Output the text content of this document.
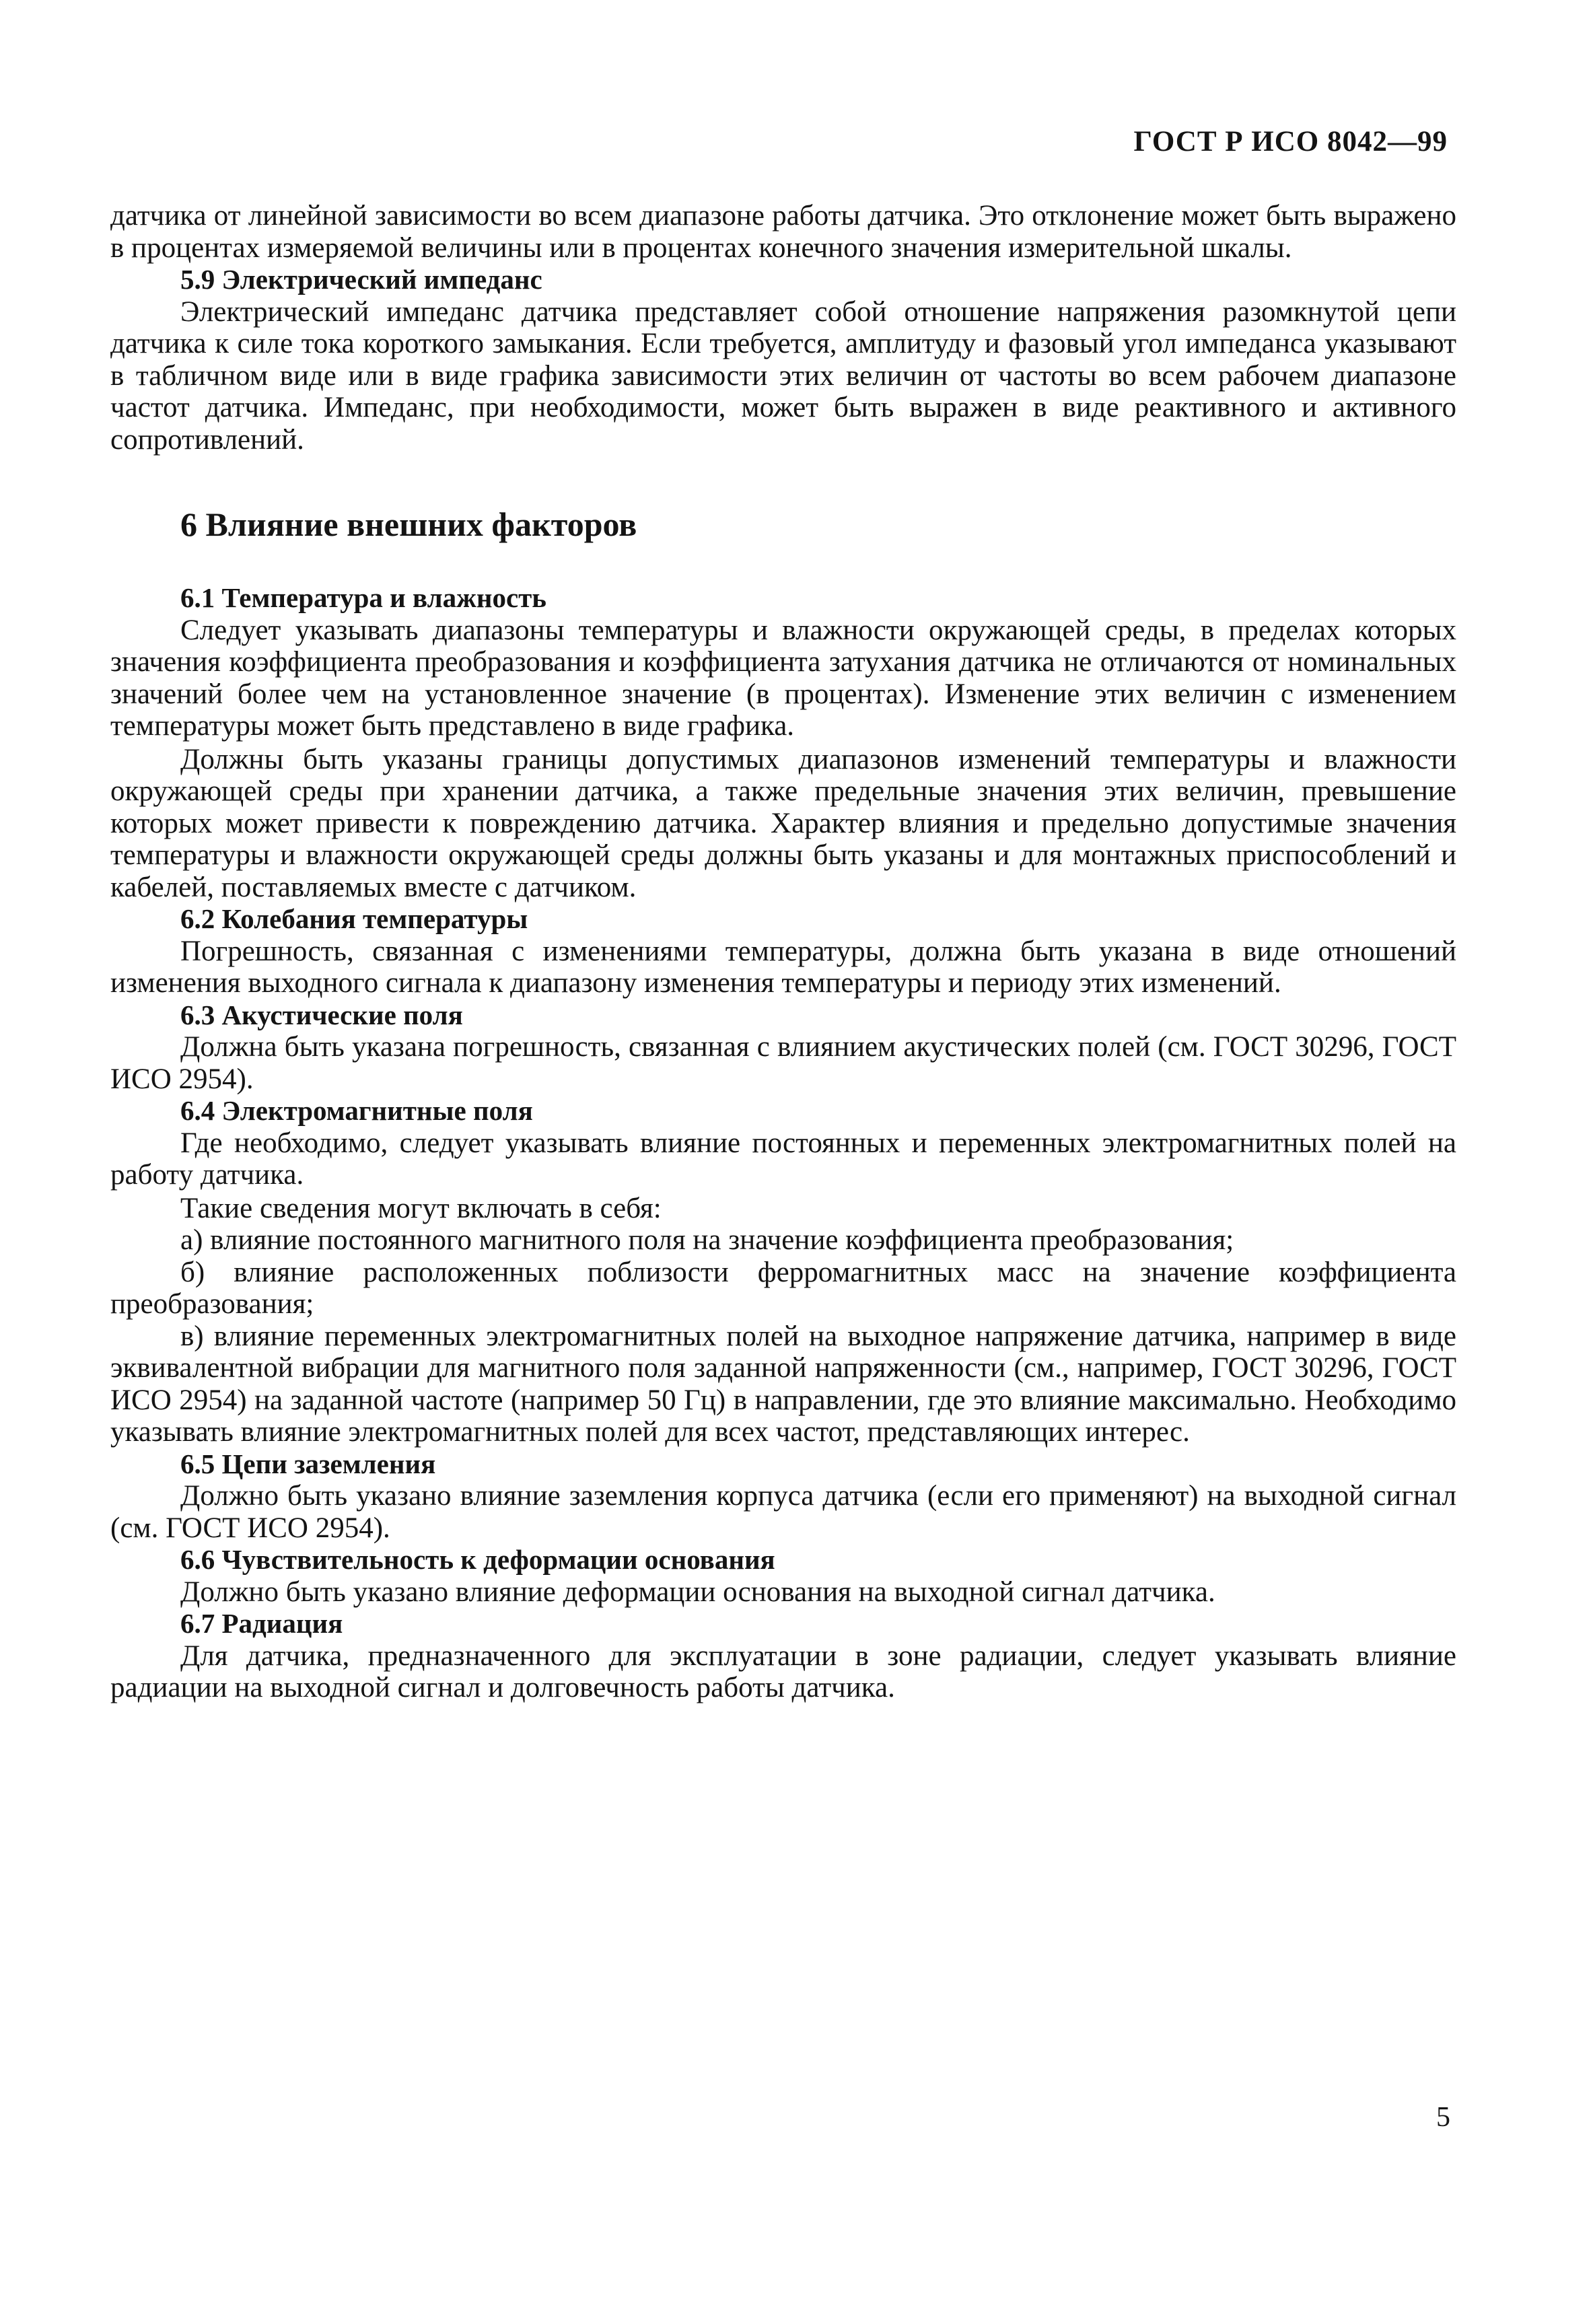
ГОСТ Р ИСО 8042—99

датчика от линейной зависимости во всем диапазоне работы датчика. Это отклонение может быть выражено в процентах измеряемой величины или в процентах конечного значения измерительной шкалы.

5.9 Электрический импеданс

Электрический импеданс датчика представляет собой отношение напряжения разомкнутой цепи датчика к силе тока короткого замыкания. Если требуется, амплитуду и фазовый угол импеданса указывают в табличном виде или в виде графика зависимости этих величин от частоты во всем рабочем диапазоне частот датчика. Импеданс, при необходимости, может быть выражен в виде реактивного и активного сопротивлений.

6 Влияние внешних факторов
6.1 Температура и влажность

Следует указывать диапазоны температуры и влажности окружающей среды, в пределах которых значения коэффициента преобразования и коэффициента затухания датчика не отличаются от номинальных значений более чем на установленное значение (в процентах). Изменение этих величин с изменением температуры может быть представлено в виде графика.

Должны быть указаны границы допустимых диапазонов изменений температуры и влажности окружающей среды при хранении датчика, а также предельные значения этих величин, превышение которых может привести к повреждению датчика. Характер влияния и предельно допустимые значения температуры и влажности окружающей среды должны быть указаны и для монтажных приспособлений и кабелей, поставляемых вместе с датчиком.

6.2 Колебания температуры

Погрешность, связанная с изменениями температуры, должна быть указана в виде отношений изменения выходного сигнала к диапазону изменения температуры и периоду этих изменений.

6.3 Акустические поля

Должна быть указана погрешность, связанная с влиянием акустических полей (см. ГОСТ 30296, ГОСТ ИСО 2954).

6.4 Электромагнитные поля

Где необходимо, следует указывать влияние постоянных и переменных электромагнитных полей на работу датчика.

Такие сведения могут включать в себя:

а) влияние постоянного магнитного поля на значение коэффициента преобразования;

б) влияние расположенных поблизости ферромагнитных масс на значение коэффициента преобразования;

в) влияние переменных электромагнитных полей на выходное напряжение датчика, например в виде эквивалентной вибрации для магнитного поля заданной напряженности (см., например, ГОСТ 30296, ГОСТ ИСО 2954) на заданной частоте (например 50 Гц) в направлении, где это влияние максимально. Необходимо указывать влияние электромагнитных полей для всех частот, представляющих интерес.

6.5 Цепи заземления

Должно быть указано влияние заземления корпуса датчика (если его применяют) на выходной сигнал (см. ГОСТ ИСО 2954).

6.6 Чувствительность к деформации основания

Должно быть указано влияние деформации основания на выходной сигнал датчика.

6.7 Радиация

Для датчика, предназначенного для эксплуатации в зоне радиации, следует указывать влияние радиации на выходной сигнал и долговечность работы датчика.

5
